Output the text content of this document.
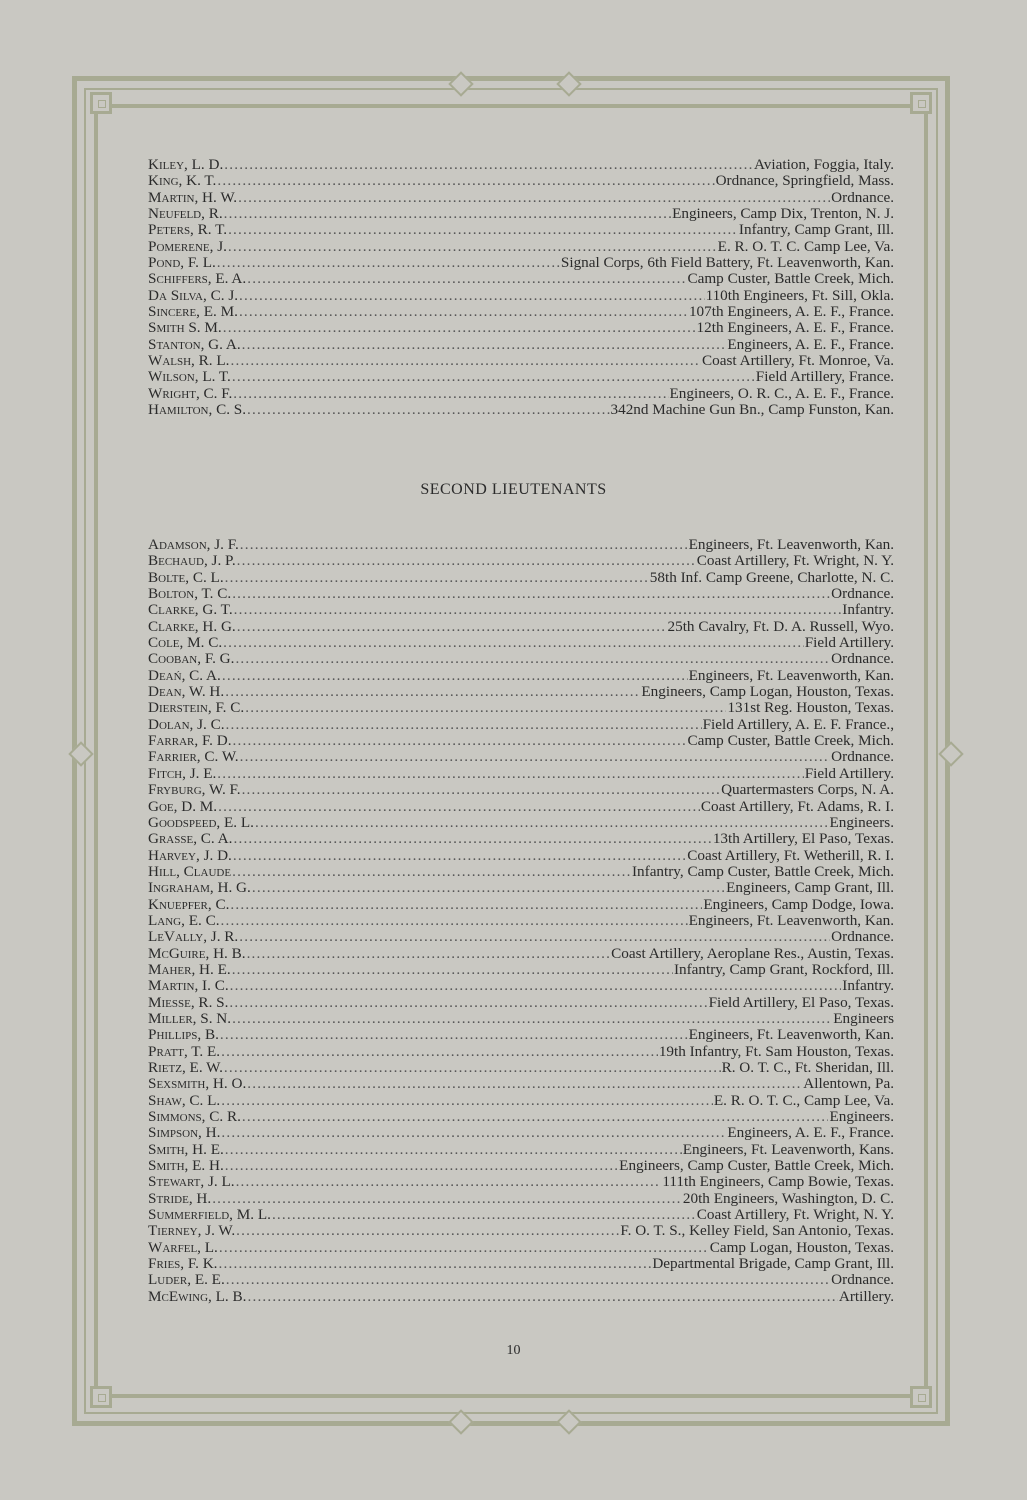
Kiley, L. D. . . .	Aviation, Foggia, Italy.
King, K. T. . . .	Ordnance, Springfield, Mass.
Martin, H. W. . . .	Ordnance.
Neufeld, R. . . .	Engineers, Camp Dix, Trenton, N. J.
Peters, R. T. . . .	Infantry, Camp Grant, Ill.
Pomerene, J. . . .	E. R. O. T. C. Camp Lee, Va.
Pond, F. L. . . .	Signal Corps, 6th Field Battery, Ft. Leavenworth, Kan.
Schiffers, E. A. . . .	Camp Custer, Battle Creek, Mich.
Da Silva, C. J. . . .	110th Engineers, Ft. Sill, Okla.
Sincere, E. M. . . .	107th Engineers, A. E. F., France.
Smith S. M. . . .	12th Engineers, A. E. F., France.
Stanton, G. A. . . .	Engineers, A. E. F., France.
Walsh, R. L. . . .	Coast Artillery, Ft. Monroe, Va.
Wilson, L. T. . . .	Field Artillery, France.
Wright, C. F. . . .	Engineers, O. R. C., A. E. F., France.
Hamilton, C. S. . . .	342nd Machine Gun Bn., Camp Funston, Kan.
SECOND LIEUTENANTS
Adamson, J. F. . . .	Engineers, Ft. Leavenworth, Kan.
Bechaud, J. P. . . .	Coast Artillery, Ft. Wright, N. Y.
Bolte, C. L. . . .	58th Inf. Camp Greene, Charlotte, N. C.
Bolton, T. C. . . .	Ordnance.
Clarke, G. T. . . .	Infantry.
Clarke, H. G. . . .	25th Cavalry, Ft. D. A. Russell, Wyo.
Cole, M. C. . . .	Field Artillery.
Cooban, F. G. . . .	Ordnance.
Deań, C. A. . . .	Engineers, Ft. Leavenworth, Kan.
Dean, W. H. . . .	Engineers, Camp Logan, Houston, Texas.
Dierstein, F. C. . . .	131st Reg. Houston, Texas.
Dolan, J. C. . . .	Field Artillery, A. E. F. France.,
Farrar, F. D. . . .	Camp Custer, Battle Creek, Mich.
Farrier, C. W. . . .	Ordnance.
Fitch, J. E. . . .	Field Artillery.
Fryburg, W. F. . . .	Quartermasters Corps, N. A.
Goe, D. M. . . .	Coast Artillery, Ft. Adams, R. I.
Goodspeed, E. L. . . .	Engineers.
Grasse, C. A. . . .	13th Artillery, El Paso, Texas.
Harvey, J. D. . . .	Coast Artillery, Ft. Wetherill, R. I.
Hill, Claude . . .	Infantry, Camp Custer, Battle Creek, Mich.
Ingraham, H. G. . . .	Engineers, Camp Grant, Ill.
Knuepfer, C. . . .	Engineers, Camp Dodge, Iowa.
Lang, E. C. . . .	Engineers, Ft. Leavenworth, Kan.
LeVally, J. R. . . .	Ordnance.
McGuire, H. B. . . .	Coast Artillery, Aeroplane Res., Austin, Texas.
Maher, H. E. . . .	Infantry, Camp Grant, Rockford, Ill.
Martin, I. C. . . .	Infantry.
Miesse, R. S. . . .	Field Artillery, El Paso, Texas.
Miller, S. N. . . .	Engineers
Phillips, B. . . .	Engineers, Ft. Leavenworth, Kan.
Pratt, T. E. . . .	19th Infantry, Ft. Sam Houston, Texas.
Rietz, E. W. . . .	R. O. T. C., Ft. Sheridan, Ill.
Sexsmith, H. O. . . .	Allentown, Pa.
Shaw, C. L. . . .	E. R. O. T. C., Camp Lee, Va.
Simmons, C. R. . . .	Engineers.
Simpson, H. . . .	Engineers, A. E. F., France.
Smith, H. E. . . .	Engineers, Ft. Leavenworth, Kans.
Smith, E. H. . . .	Engineers, Camp Custer, Battle Creek, Mich.
Stewart, J. L. . . .	111th Engineers, Camp Bowie, Texas.
Stride, H. . . .	20th Engineers, Washington, D. C.
Summerfield, M. L. . . .	Coast Artillery, Ft. Wright, N. Y.
Tierney, J. W. . . .	F. O. T. S., Kelley Field, San Antonio, Texas.
Warfel, L. . . .	Camp Logan, Houston, Texas.
Fries, F. K. . . .	Departmental Brigade, Camp Grant, Ill.
Luder, E. E. . . .	Ordnance.
McEwing, L. B. . . .	Artillery.
10
